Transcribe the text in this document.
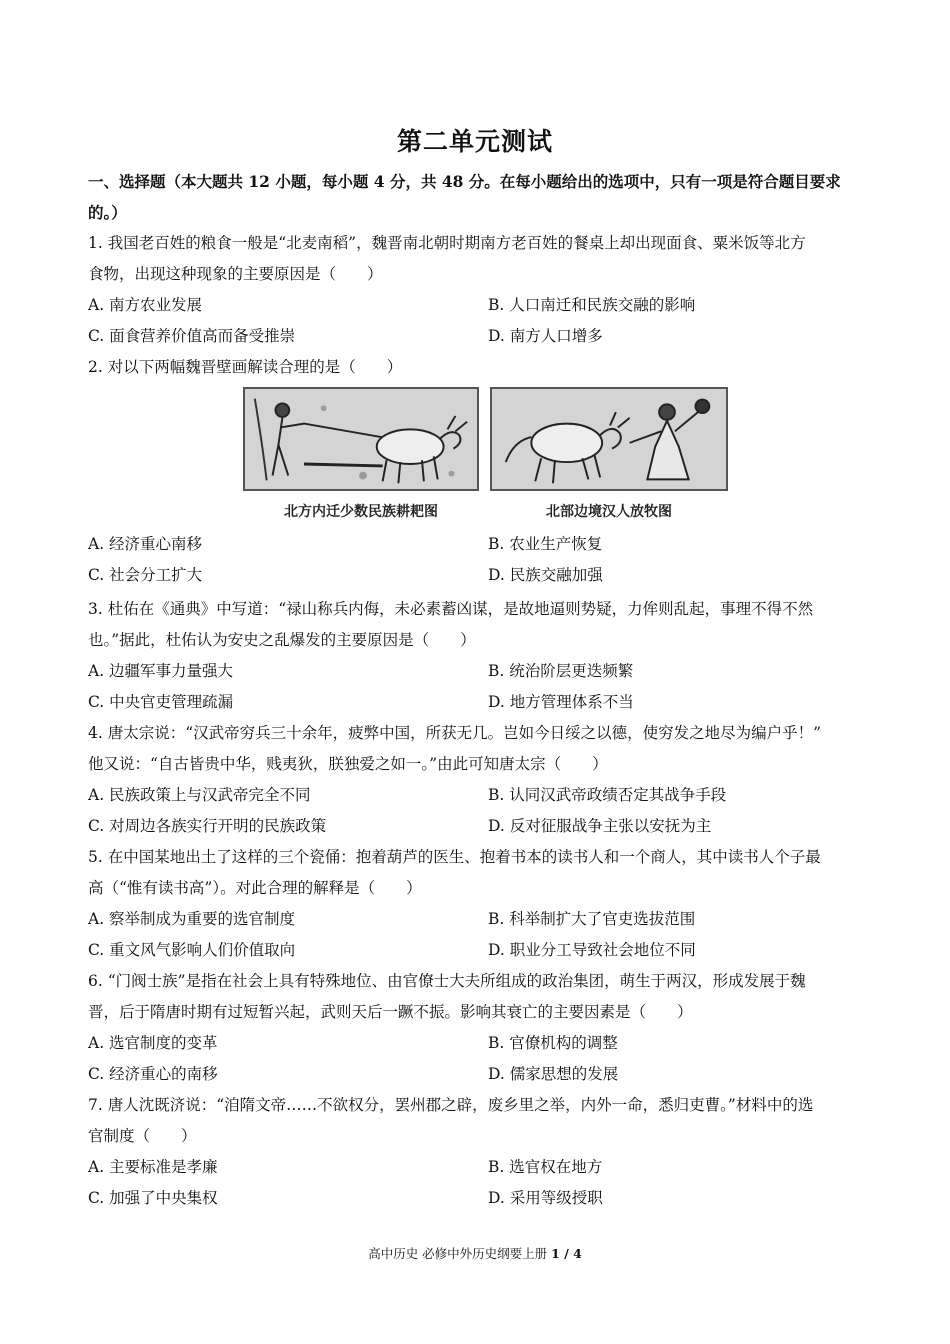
第二单元测试
一、选择题（本大题共 12 小题，每小题 4 分，共 48 分。在每小题给出的选项中，只有一项是符合题目要求的。）

1. 我国老百姓的粮食一般是“北麦南稻”，魏晋南北朝时期南方老百姓的餐桌上却出现面食、粟米饭等北方

食物，出现这种现象的主要原因是（　　）

A. 南方农业发展	B. 人口南迁和民族交融的影响
C. 面食营养价值高而备受推崇	D. 南方人口增多

2. 对以下两幅魏晋壁画解读合理的是（　　）

北方内迁少数民族耕耙图	北部边境汉人放牧图
A. 经济重心南移	B. 农业生产恢复
C. 社会分工扩大	D. 民族交融加强

3. 杜佑在《通典》中写道：“禄山称兵内侮，未必素蓄凶谋，是故地逼则势疑，力侔则乱起，事理不得不然

也。”据此，杜佑认为安史之乱爆发的主要原因是（　　）

A. 边疆军事力量强大	B. 统治阶层更迭频繁
C. 中央官吏管理疏漏	D. 地方管理体系不当

4. 唐太宗说：“汉武帝穷兵三十余年，疲弊中国，所获无几。岂如今日绥之以德，使穷发之地尽为编户乎！”

他又说：“自古皆贵中华，贱夷狄，朕独爱之如一。”由此可知唐太宗（　　）

A. 民族政策上与汉武帝完全不同	B. 认同汉武帝政绩否定其战争手段
C. 对周边各族实行开明的民族政策	D. 反对征服战争主张以安抚为主

5. 在中国某地出土了这样的三个瓷俑：抱着葫芦的医生、抱着书本的读书人和一个商人，其中读书人个子最

高（“惟有读书高”）。对此合理的解释是（　　）

A. 察举制成为重要的选官制度	B. 科举制扩大了官吏选拔范围
C. 重文风气影响人们价值取向	D. 职业分工导致社会地位不同

6. “门阀士族”是指在社会上具有特殊地位、由官僚士大夫所组成的政治集团，萌生于两汉，形成发展于魏

晋，后于隋唐时期有过短暂兴起，武则天后一蹶不振。影响其衰亡的主要因素是（　　）

A. 选官制度的变革	B. 官僚机构的调整
C. 经济重心的南移	D. 儒家思想的发展

7. 唐人沈既济说：“洎隋文帝……不欲权分，罢州郡之辟，废乡里之举，内外一命，悉归吏曹。”材料中的选

官制度（　　）

A. 主要标准是孝廉	B. 选官权在地方
C. 加强了中央集权	D. 采用等级授职
高中历史 必修中外历史纲要上册 1 / 4
